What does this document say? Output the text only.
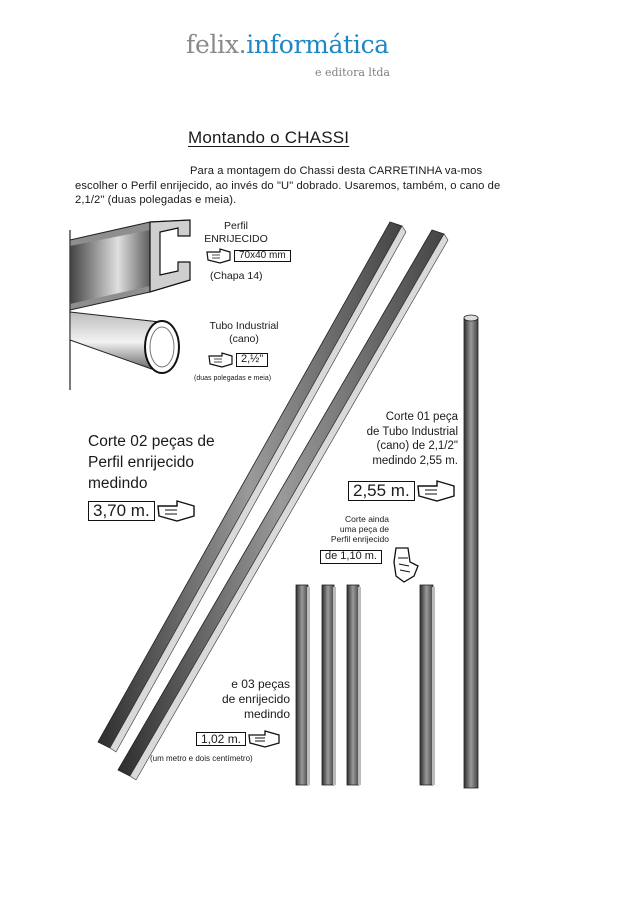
felix.informática
e editora ltda
Montando o CHASSI
Para a montagem do Chassi desta CARRETINHA va-mos escolher o Perfil enrijecido, ao invés do "U" dobrado. Usaremos, também, o cano de 2,1/2" (duas polegadas e meia).
Perfil
ENRIJECIDO
70x40 mm
(Chapa 14)
Tubo Industrial
(cano)
2,½"
(duas polegadas e meia)
Corte 02 peças de
Perfil enrijecido
medindo
3,70 m.
Corte 01 peça
de Tubo Industrial
(cano) de 2,1/2"
medindo 2,55 m.
2,55 m.
Corte ainda
uma peça de
Perfil enrijecido
de 1,10 m.
e 03 peças
de enrijecido
medindo
1,02 m.
(um metro e dois centímetro)
